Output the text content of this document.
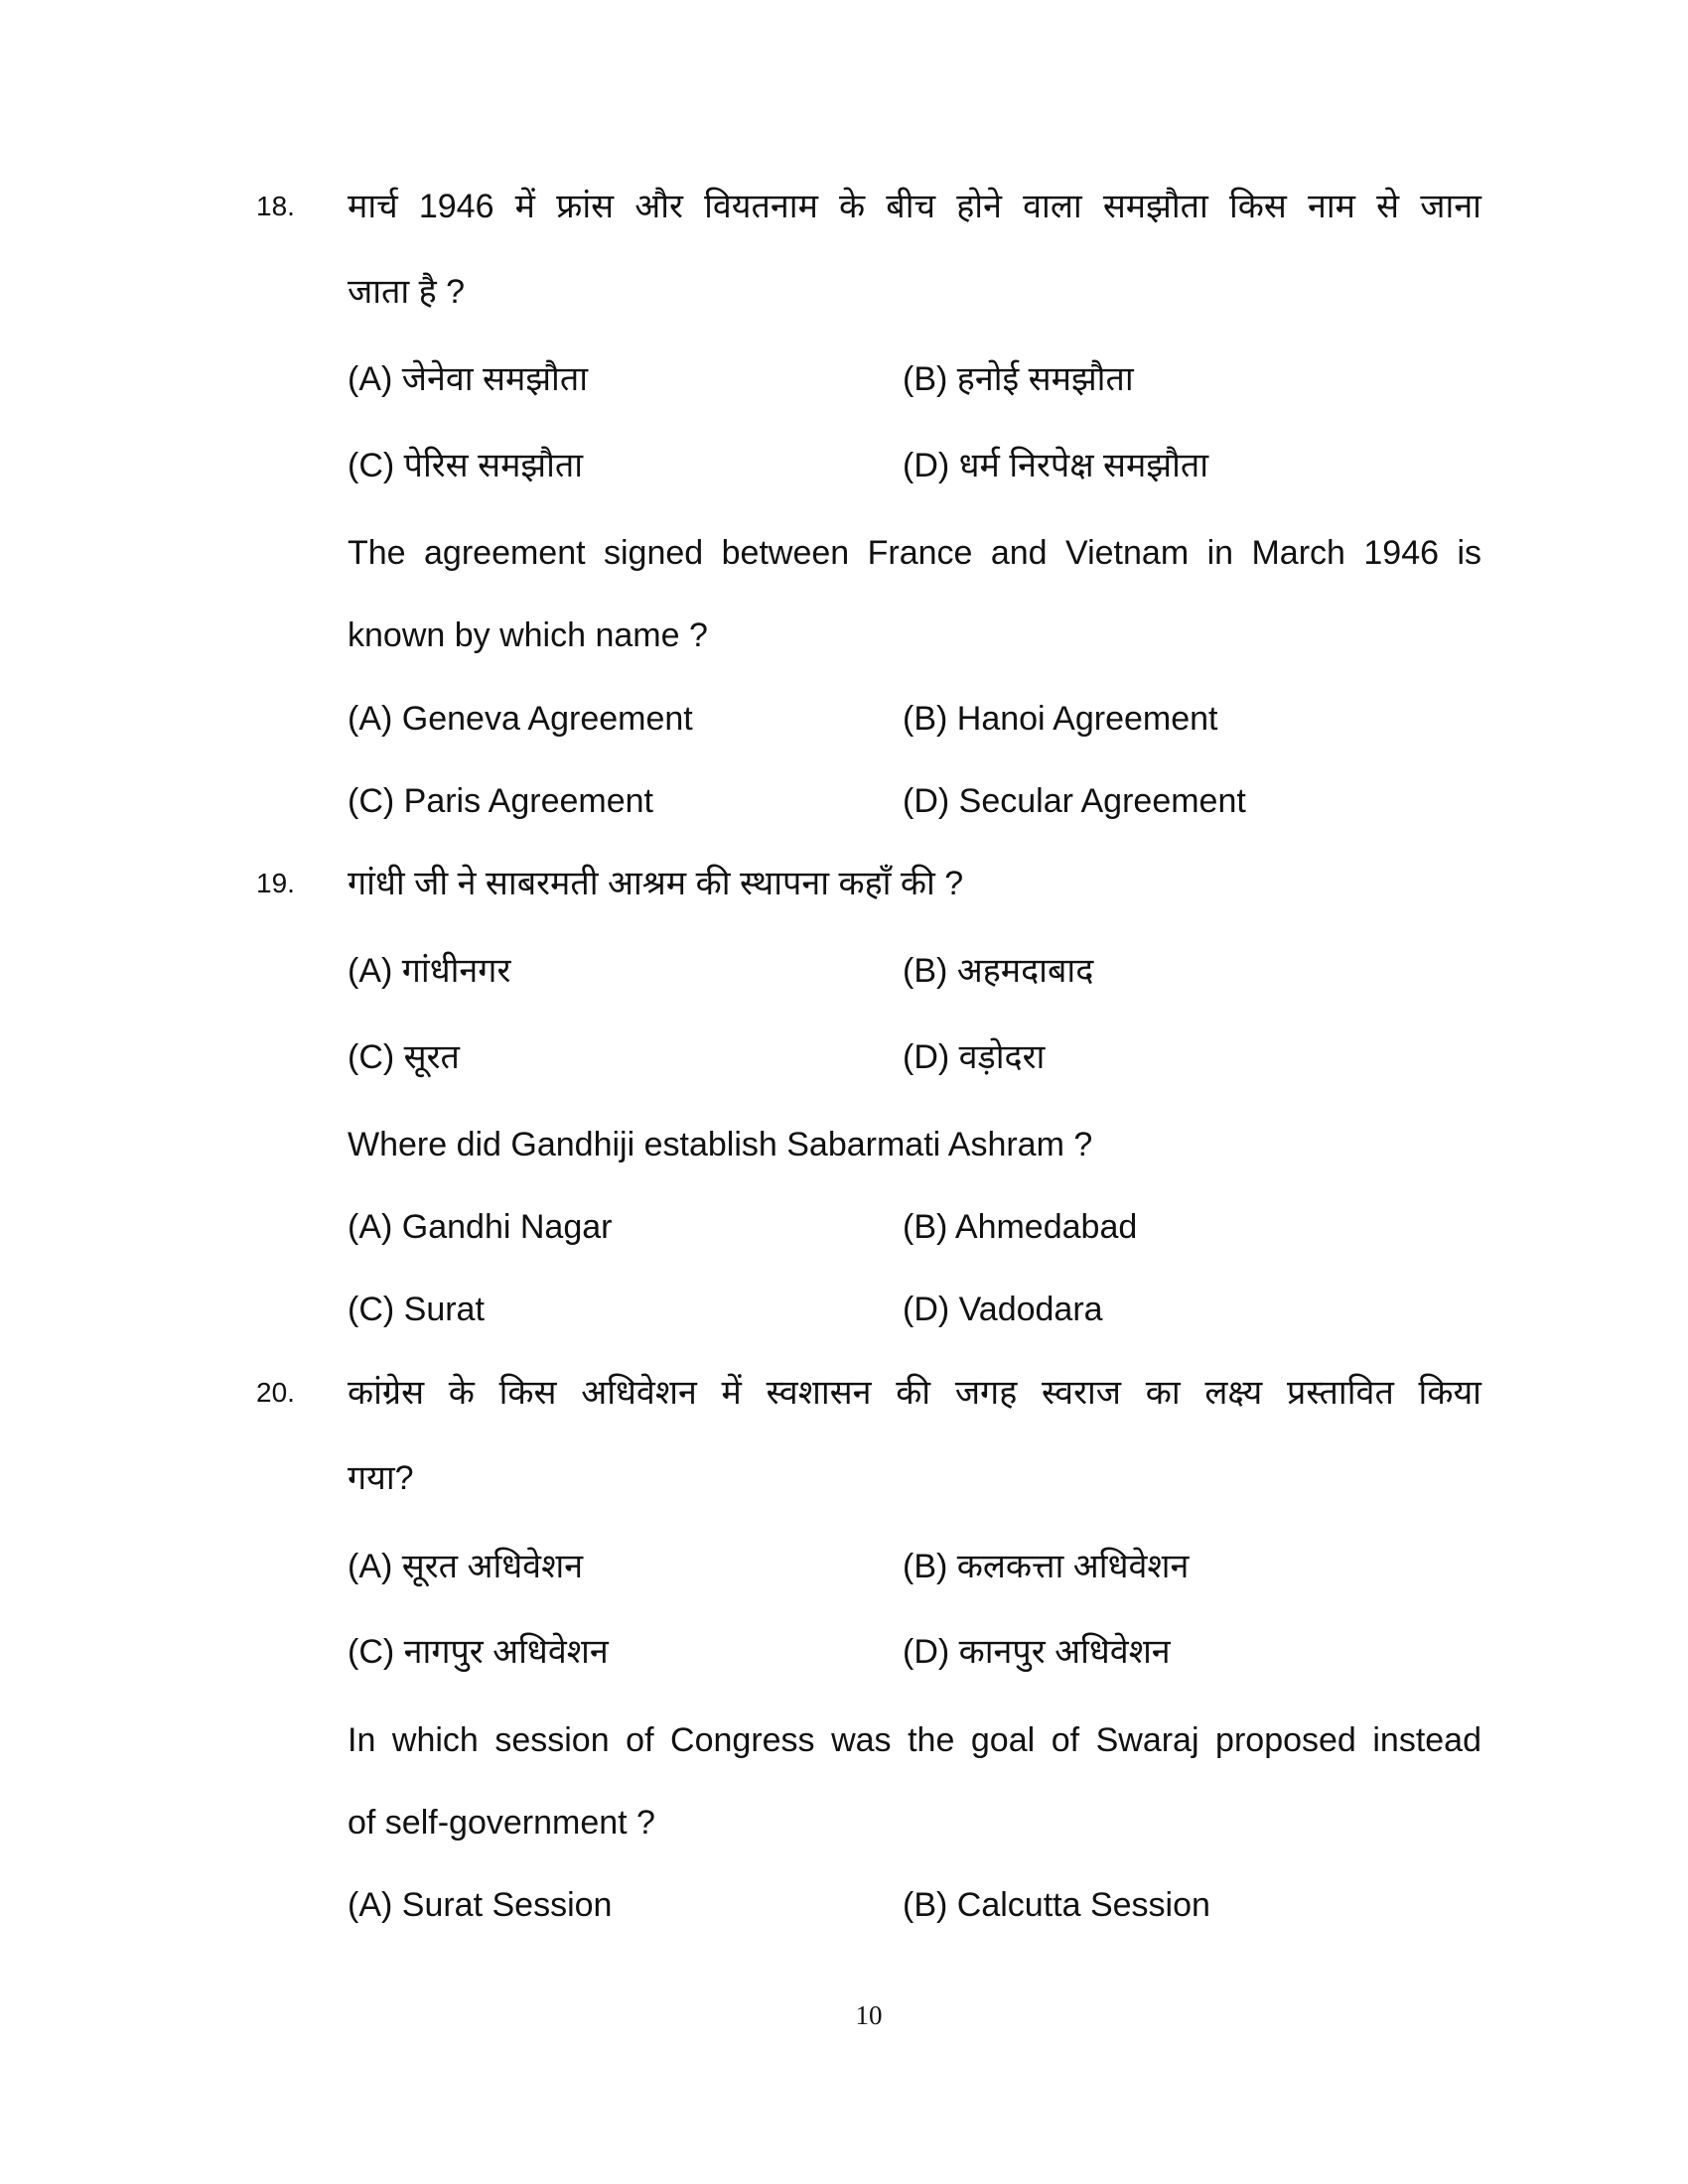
18. मार्च 1946 में फ्रांस और वियतनाम के बीच होने वाला समझौता किस नाम से जाना
जाता है ?
(A) जेनेवा समझौता	(B) हनोई समझौता
(C) पेरिस समझौता	(D) धर्म निरपेक्ष समझौता
The agreement signed between France and Vietnam in March 1946 is
known by which name ?
(A) Geneva Agreement	(B) Hanoi Agreement
(C) Paris Agreement	(D) Secular Agreement
19. गांधी जी ने साबरमती आश्रम की स्थापना कहाँ की ?
(A) गांधीनगर	(B) अहमदाबाद
(C) सूरत	(D) वड़ोदरा
Where did Gandhiji establish Sabarmati Ashram ?
(A) Gandhi Nagar	(B) Ahmedabad
(C) Surat	(D) Vadodara
20. कांग्रेस के किस अधिवेशन में स्वशासन की जगह स्वराज का लक्ष्य प्रस्तावित किया
गया?
(A) सूरत अधिवेशन	(B) कलकत्ता अधिवेशन
(C) नागपुर अधिवेशन	(D) कानपुर अधिवेशन
In which session of Congress was the goal of Swaraj proposed instead
of self-government ?
(A) Surat Session	(B) Calcutta Session
10
